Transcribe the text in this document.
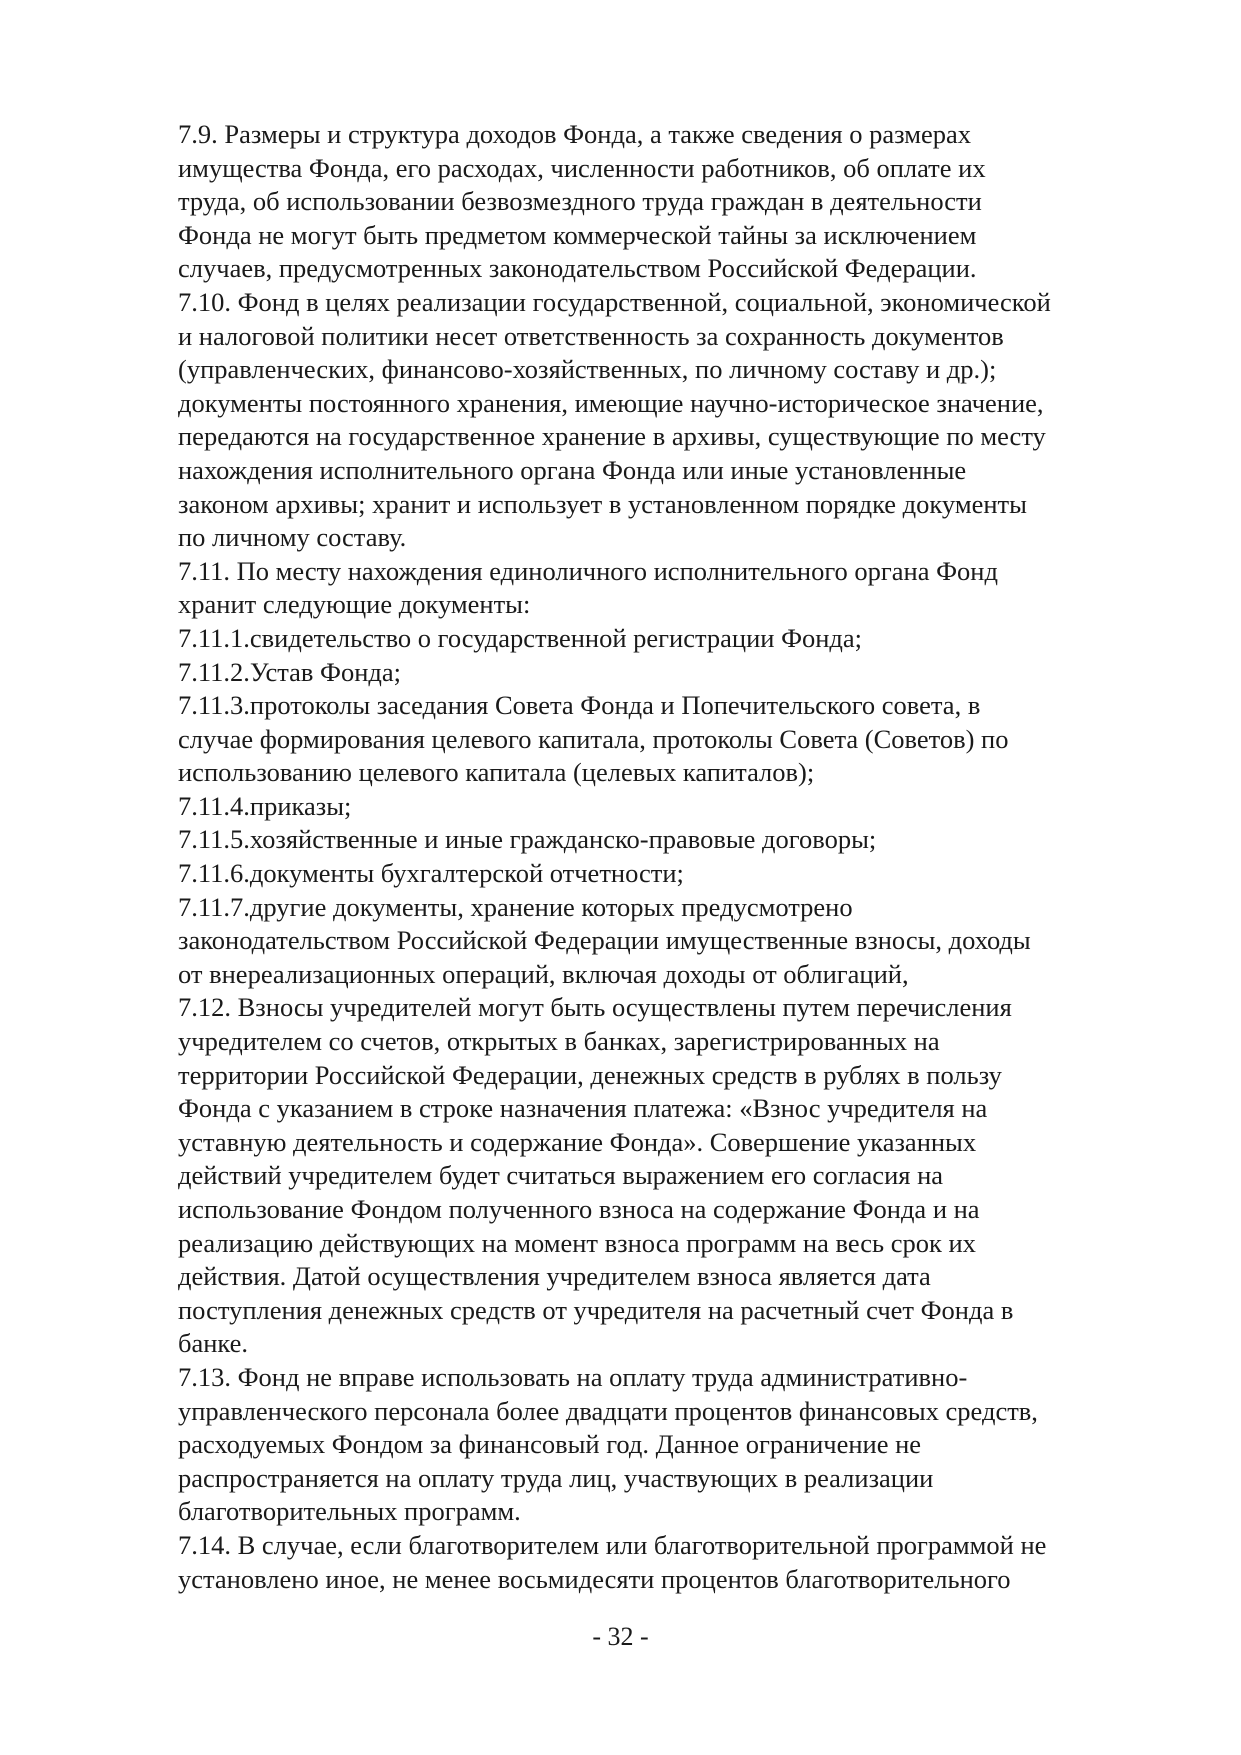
7.9. Размеры и структура доходов Фонда, а также сведения о размерах
имущества Фонда, его расходах, численности работников, об оплате их
труда, об использовании безвозмездного труда граждан в деятельности
Фонда не могут быть предметом коммерческой тайны за исключением
случаев, предусмотренных законодательством Российской Федерации.
7.10. Фонд в целях реализации государственной, социальной, экономической
и налоговой политики несет ответственность за сохранность документов
(управленческих, финансово-хозяйственных, по личному составу и др.);
документы постоянного хранения, имеющие научно-историческое значение,
передаются на государственное хранение в архивы, существующие по месту
нахождения исполнительного органа Фонда или иные установленные
законом архивы; хранит и использует в установленном порядке документы
по личному составу.
7.11. По месту нахождения единоличного исполнительного органа Фонд
хранит следующие документы:
7.11.1.свидетельство о государственной регистрации Фонда;
7.11.2.Устав Фонда;
7.11.3.протоколы заседания Совета Фонда и Попечительского совета, в
случае формирования целевого капитала, протоколы Совета (Советов) по
использованию целевого капитала (целевых капиталов);
7.11.4.приказы;
7.11.5.хозяйственные и иные гражданско-правовые договоры;
7.11.6.документы бухгалтерской отчетности;
7.11.7.другие документы, хранение которых предусмотрено
законодательством Российской Федерации имущественные взносы, доходы
от внереализационных операций, включая доходы от облигаций,
7.12. Взносы учредителей могут быть осуществлены путем перечисления
учредителем со счетов, открытых в банках, зарегистрированных на
территории Российской Федерации, денежных средств в рублях в пользу
Фонда с указанием в строке назначения платежа: «Взнос учредителя на
уставную деятельность и содержание Фонда». Совершение указанных
действий учредителем будет считаться выражением его согласия на
использование Фондом полученного взноса на содержание Фонда и на
реализацию действующих на момент взноса программ на весь срок их
действия. Датой осуществления учредителем взноса является дата
поступления денежных средств от учредителя на расчетный счет Фонда в
банке.
7.13. Фонд не вправе использовать на оплату труда административно-
управленческого персонала более двадцати процентов финансовых средств,
расходуемых Фондом за финансовый год. Данное ограничение не
распространяется на оплату труда лиц, участвующих в реализации
благотворительных программ.
7.14. В случае, если благотворителем или благотворительной программой не
установлено иное, не менее восьмидесяти процентов благотворительного
- 32 -
